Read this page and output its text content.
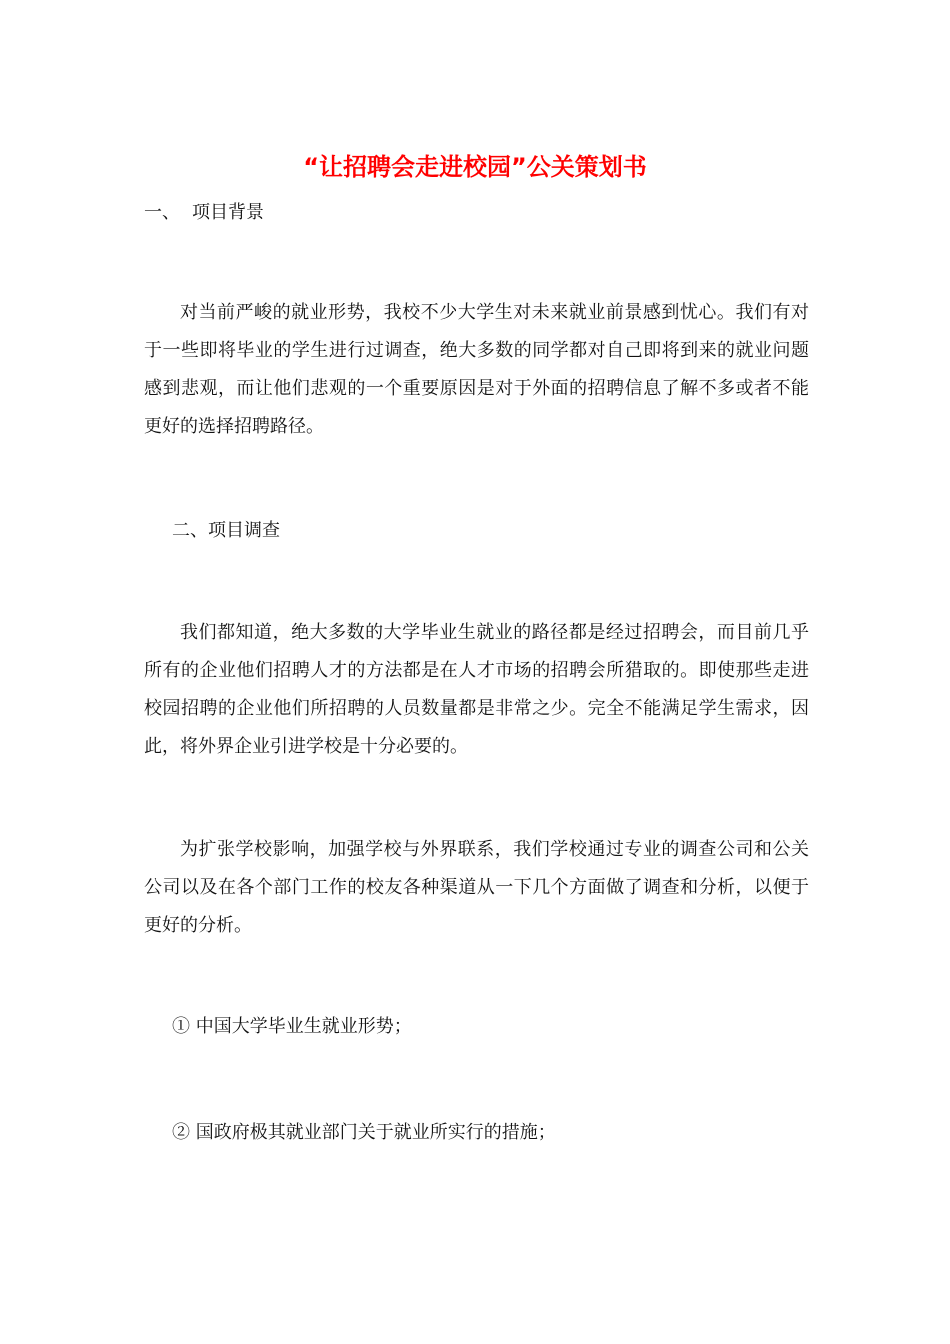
“让招聘会走进校园”公关策划书
一、 项目背景

对当前严峻的就业形势，我校不少大学生对未来就业前景感到忧心。我们有对于一些即将毕业的学生进行过调查，绝大多数的同学都对自己即将到来的就业问题感到悲观，而让他们悲观的一个重要原因是对于外面的招聘信息了解不多或者不能更好的选择招聘路径。

二、项目调查

我们都知道，绝大多数的大学毕业生就业的路径都是经过招聘会，而目前几乎所有的企业他们招聘人才的方法都是在人才市场的招聘会所猎取的。即使那些走进校园招聘的企业他们所招聘的人员数量都是非常之少。完全不能满足学生需求，因此，将外界企业引进学校是十分必要的。

为扩张学校影响，加强学校与外界联系，我们学校通过专业的调查公司和公关公司以及在各个部门工作的校友各种渠道从一下几个方面做了调查和分析，以便于更好的分析。

① 中国大学毕业生就业形势；
② 国政府极其就业部门关于就业所实行的措施；
